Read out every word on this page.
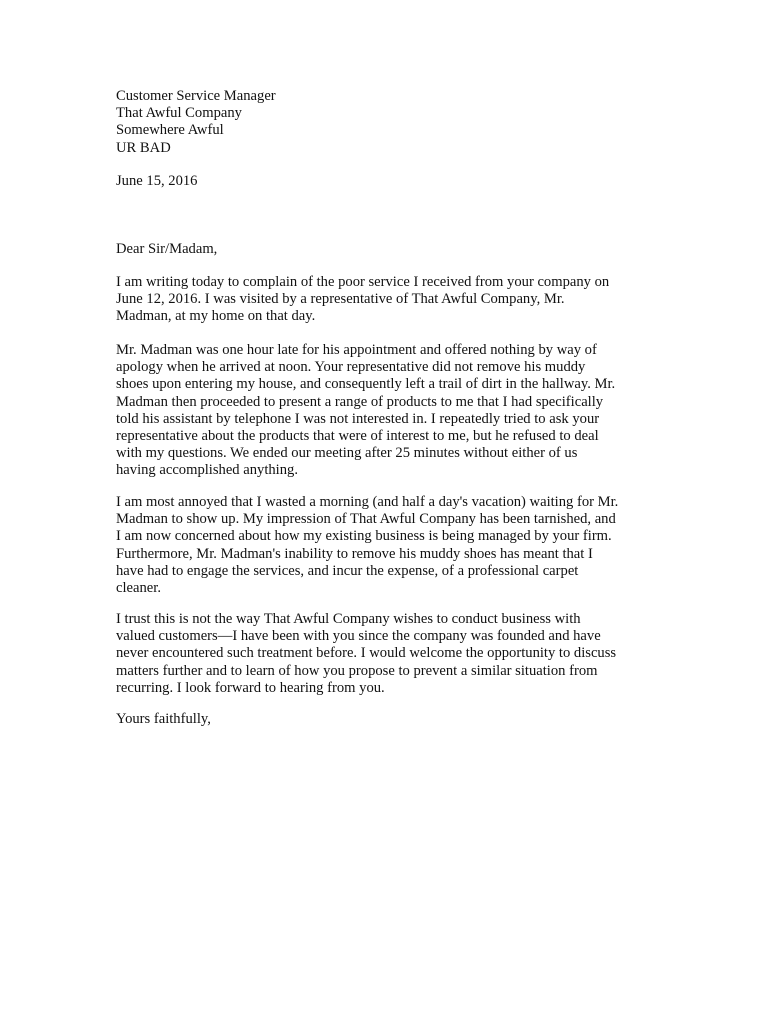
Customer Service Manager
That Awful Company
Somewhere Awful
UR BAD
June 15, 2016
Dear Sir/Madam,
I am writing today to complain of the poor service I received from your company on
June 12, 2016. I was visited by a representative of That Awful Company, Mr.
Madman, at my home on that day.
Mr. Madman was one hour late for his appointment and offered nothing by way of
apology when he arrived at noon. Your representative did not remove his muddy
shoes upon entering my house, and consequently left a trail of dirt in the hallway. Mr.
Madman then proceeded to present a range of products to me that I had specifically
told his assistant by telephone I was not interested in. I repeatedly tried to ask your
representative about the products that were of interest to me, but he refused to deal
with my questions. We ended our meeting after 25 minutes without either of us
having accomplished anything.
I am most annoyed that I wasted a morning (and half a day's vacation) waiting for Mr.
Madman to show up. My impression of That Awful Company has been tarnished, and
I am now concerned about how my existing business is being managed by your firm.
Furthermore, Mr. Madman's inability to remove his muddy shoes has meant that I
have had to engage the services, and incur the expense, of a professional carpet
cleaner.
I trust this is not the way That Awful Company wishes to conduct business with
valued customers—I have been with you since the company was founded and have
never encountered such treatment before. I would welcome the opportunity to discuss
matters further and to learn of how you propose to prevent a similar situation from
recurring. I look forward to hearing from you.
Yours faithfully,
